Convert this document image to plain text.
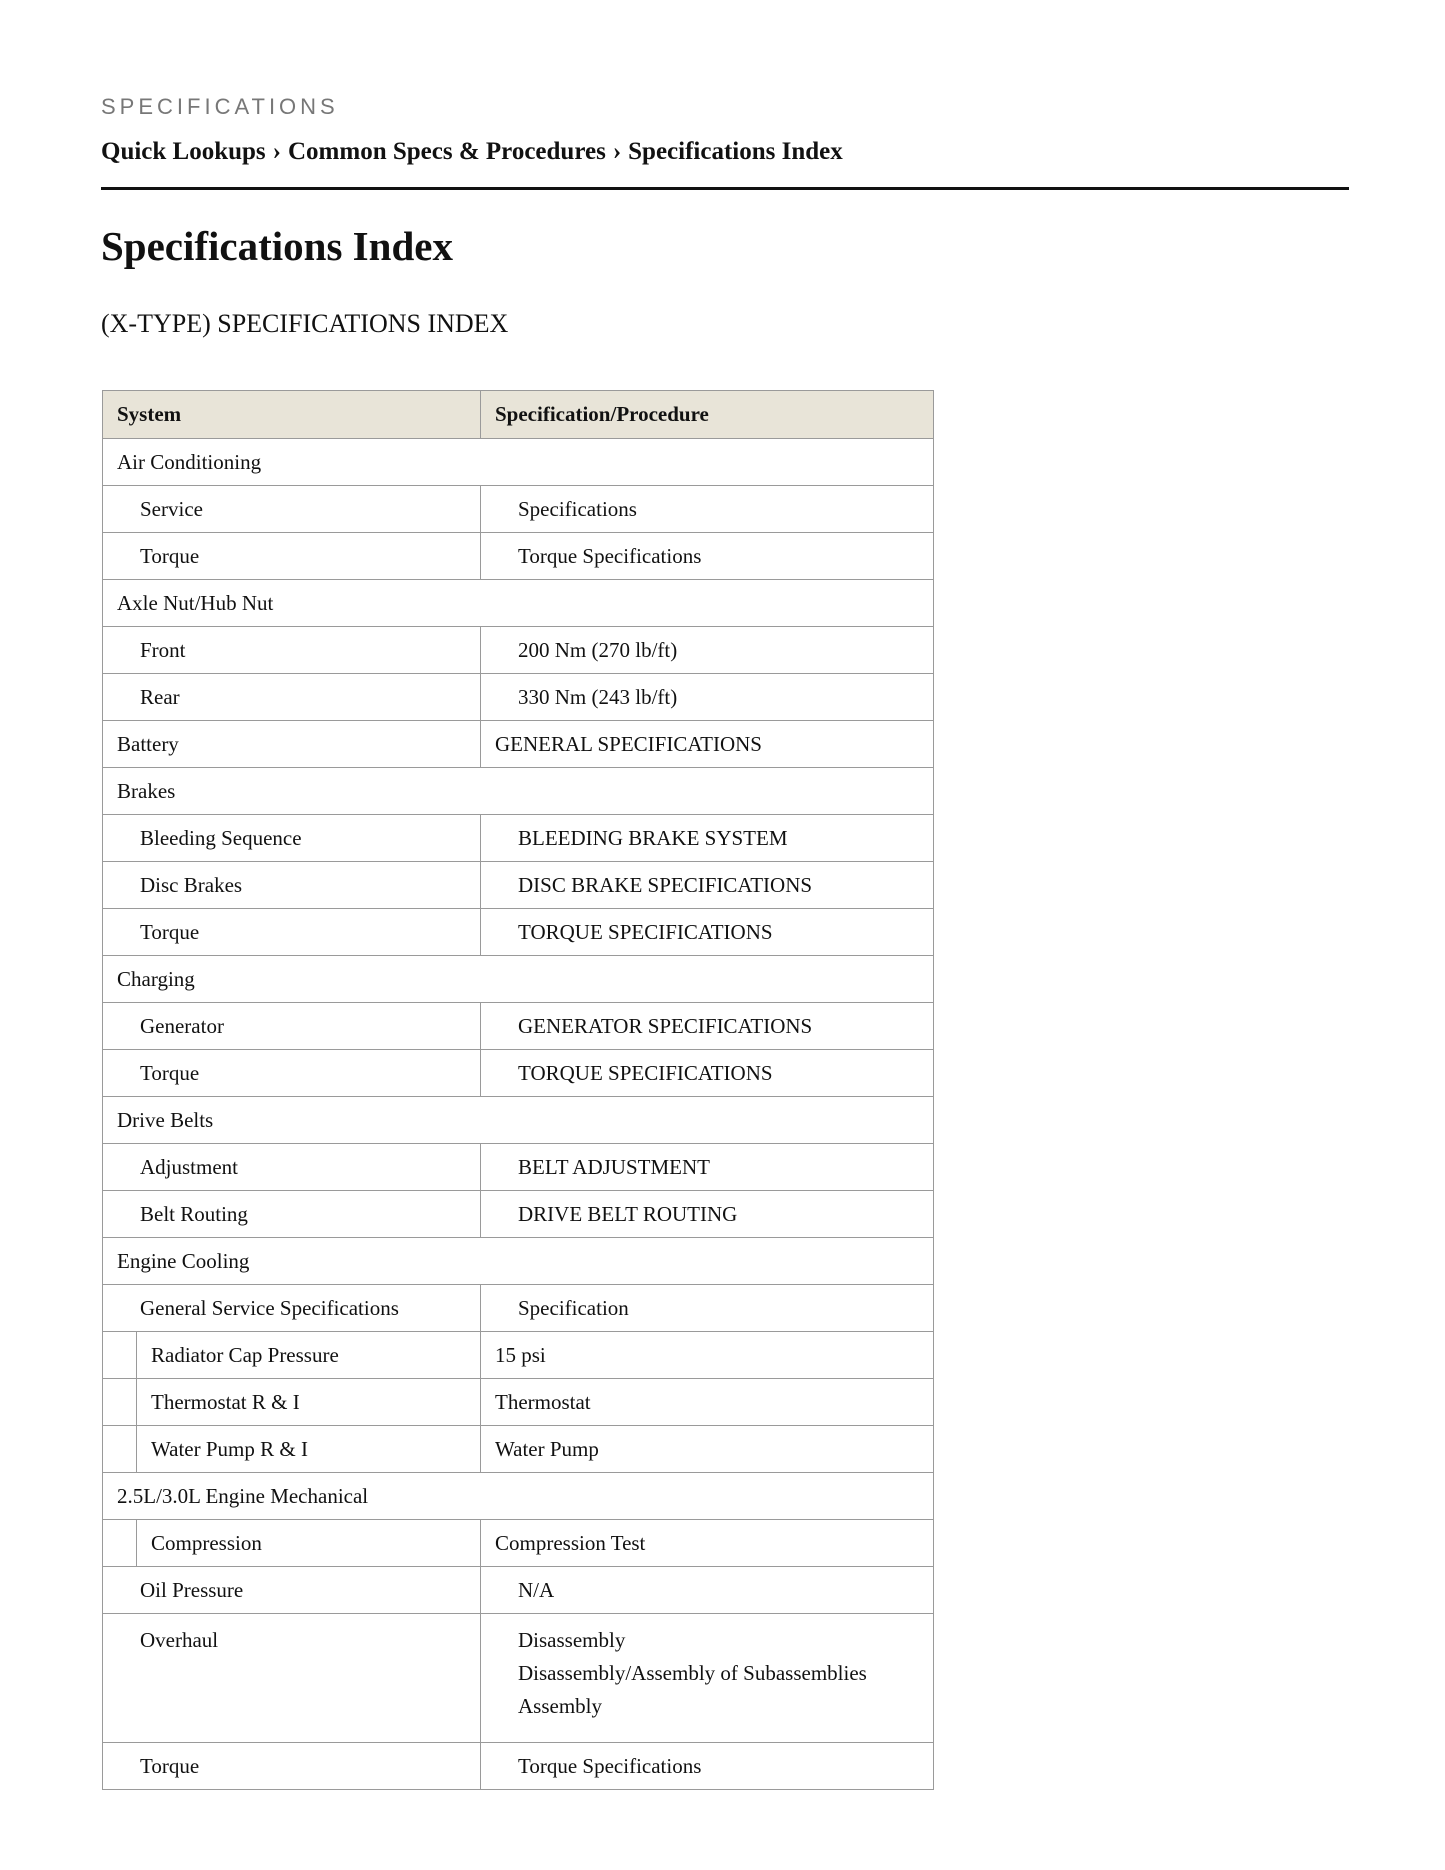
SPECIFICATIONS
Quick Lookups › Common Specs & Procedures › Specifications Index
Specifications Index
(X-TYPE) SPECIFICATIONS INDEX
System		Specification/Procedure
Air Conditioning		
Service		Specifications
Torque		Torque Specifications
Axle Nut/Hub Nut		
Front		200 Nm (270 lb/ft)
Rear		330 Nm (243 lb/ft)
Battery		GENERAL SPECIFICATIONS
Brakes		
Bleeding Sequence		BLEEDING BRAKE SYSTEM
Disc Brakes		DISC BRAKE SPECIFICATIONS
Torque		TORQUE SPECIFICATIONS
Charging		
Generator		GENERATOR SPECIFICATIONS
Torque		TORQUE SPECIFICATIONS
Drive Belts		
Adjustment		BELT ADJUSTMENT
Belt Routing		DRIVE BELT ROUTING
Engine Cooling		
General Service Specifications		Specification
	Radiator Cap Pressure	15 psi
	Thermostat R & I	Thermostat
	Water Pump R & I	Water Pump
2.5L/3.0L Engine Mechanical		
	Compression	Compression Test
Oil Pressure		N/A

Overhaul		Disassembly
Disassembly/Assembly of Subassemblies
Assembly

Torque		Torque Specifications
